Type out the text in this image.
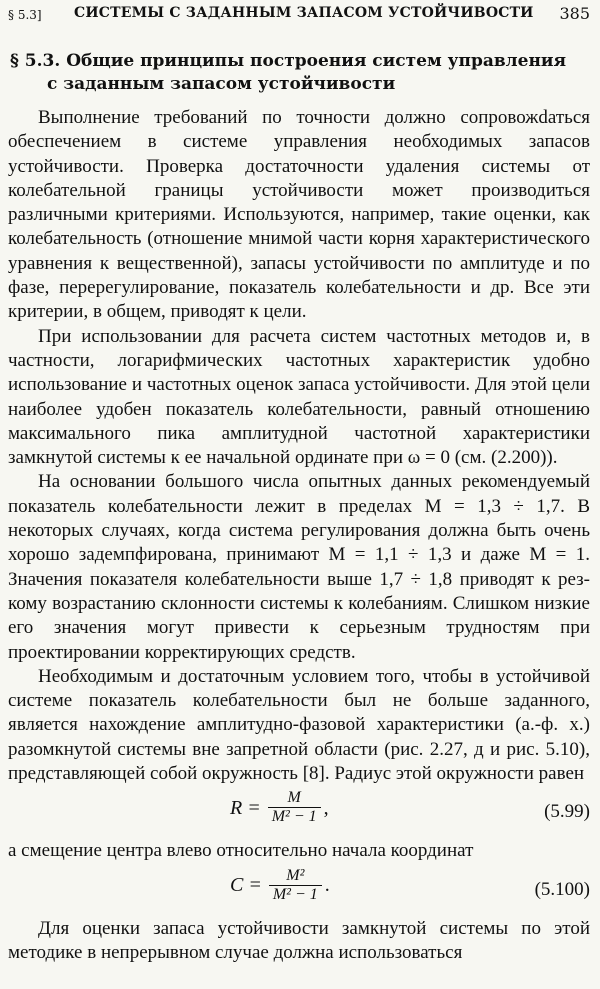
§ 5.3] СИСТЕМЫ С ЗАДАННЫМ ЗАПАСОМ УСТОЙЧИВОСТИ 385
§ 5.3. Общие принципы построения систем управления
с заданным запасом устойчивости

Выполнение требований по точности должно сопровожdаться обеспечением в системе управления необходимых запасов устойчивости. Проверка достаточности удаления системы от колебательной границы устойчивости может производиться различными критериями. Используются, например, такие оценки, как колебательность (отношение мнимой части корня характеристического уравнения к вещественной), запасы устойчивости по амплитуде и по фазе, перерегулирование, показатель колебательности и др. Все эти критерии, в общем, приводят к цели.

При использовании для расчета систем частотных методов и, в частности, логарифмических частотных характеристик удобно использование и частотных оценок запаса устойчивости. Для этой цели наиболее удобен показатель колебательности, равный отношению максимального пика амплитудной частотной характеристики замкнутой системы к ее начальной ординате при ω = 0 (см. (2.200)).

На основании большого числа опытных данных рекомендуемый показатель колебательности лежит в пределах M = 1,3 ÷ 1,7. В некоторых случаях, когда система регулирования должна быть очень хорошо задемпфирована, принимают M = 1,1 ÷ 1,3 и даже M = 1. Значения показателя колебательности выше 1,7 ÷ 1,8 приводят к резкому возрастанию склонности системы к колебаниям. Слишком низкие его значения могут привести к серьезным трудностям при проектировании корректирующих средств.

Необходимым и достаточным условием того, чтобы в устойчивой системе показатель колебательности был не больше заданного, является нахождение амплитудно-фазовой характеристики (а.-ф. х.) разомкнутой системы вне запретной области (рис. 2.27, д и рис. 5.10), представляющей собой окружность [8]. Радиус этой окружности равен

$R = \frac{M}{\text{M² − 1}}$ ,	(5.99)

а смещение центра влево относительно начала координат

$C = \frac{\text{M²}}{\text{M² − 1}}$ .	(5.100)

Для оценки запаса устойчивости замкнутой системы по этой методике в непрерывном случае должна использоваться
